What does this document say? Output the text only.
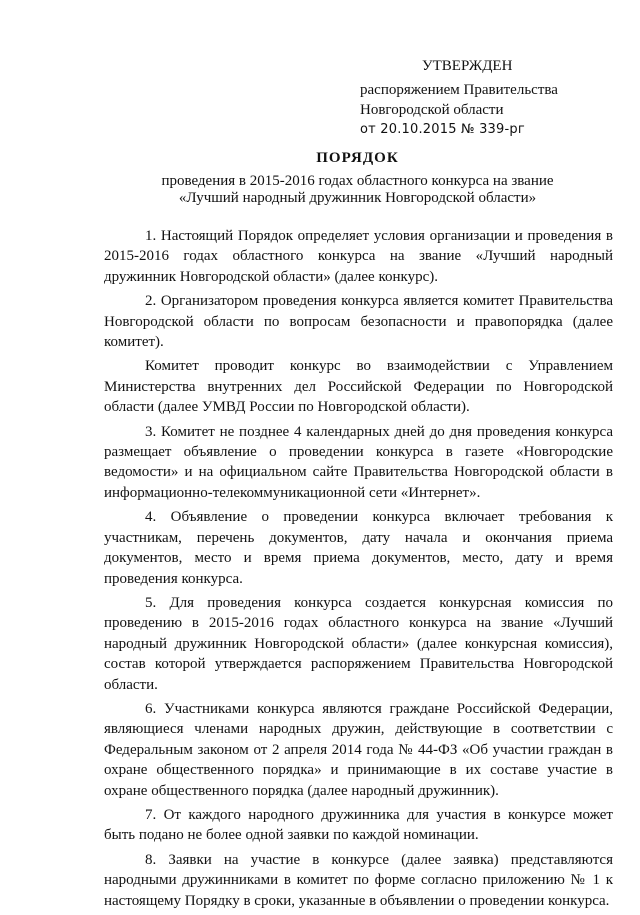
УТВЕРЖДЕН
распоряжением Правительства
Новгородской области
от 20.10.2015 № 339-рг
ПОРЯДОК
проведения в 2015-2016 годах областного конкурса на звание
«Лучший народный дружинник Новгородской области»

1. Настоящий Порядок определяет условия организации и проведения в 2015-2016 годах областного конкурса на звание «Лучший народный дружинник Новгородской области» (далее конкурс).

2. Организатором проведения конкурса является комитет Правительства Новгородской области по вопросам безопасности и правопорядка (далее комитет).

Комитет проводит конкурс во взаимодействии с Управлением Министерства внутренних дел Российской Федерации по Новгородской области (далее УМВД России по Новгородской области).

3. Комитет не позднее 4 календарных дней до дня проведения конкурса размещает объявление о проведении конкурса в газете «Новгородские ведомости» и на официальном сайте Правительства Новгородской области в информационно-телекоммуникационной сети «Интернет».

4. Объявление о проведении конкурса включает требования к участникам, перечень документов, дату начала и окончания приема документов, место и время приема документов, место, дату и время проведения конкурса.

5. Для проведения конкурса создается конкурсная комиссия по проведению в 2015-2016 годах областного конкурса на звание «Лучший народный дружинник Новгородской области» (далее конкурсная комиссия), состав которой утверждается распоряжением Правительства Новгородской области.

6. Участниками конкурса являются граждане Российской Федерации, являющиеся членами народных дружин, действующие в соответствии с Федеральным законом от 2 апреля 2014 года № 44-ФЗ «Об участии граждан в охране общественного порядка» и принимающие в их составе участие в охране общественного порядка (далее народный дружинник).

7. От каждого народного дружинника для участия в конкурсе может быть подано не более одной заявки по каждой номинации.

8. Заявки на участие в конкурсе (далее заявка) представляются народными дружинниками в комитет по форме согласно приложению № 1 к настоящему Порядку в сроки, указанные в объявлении о проведении конкурса.
